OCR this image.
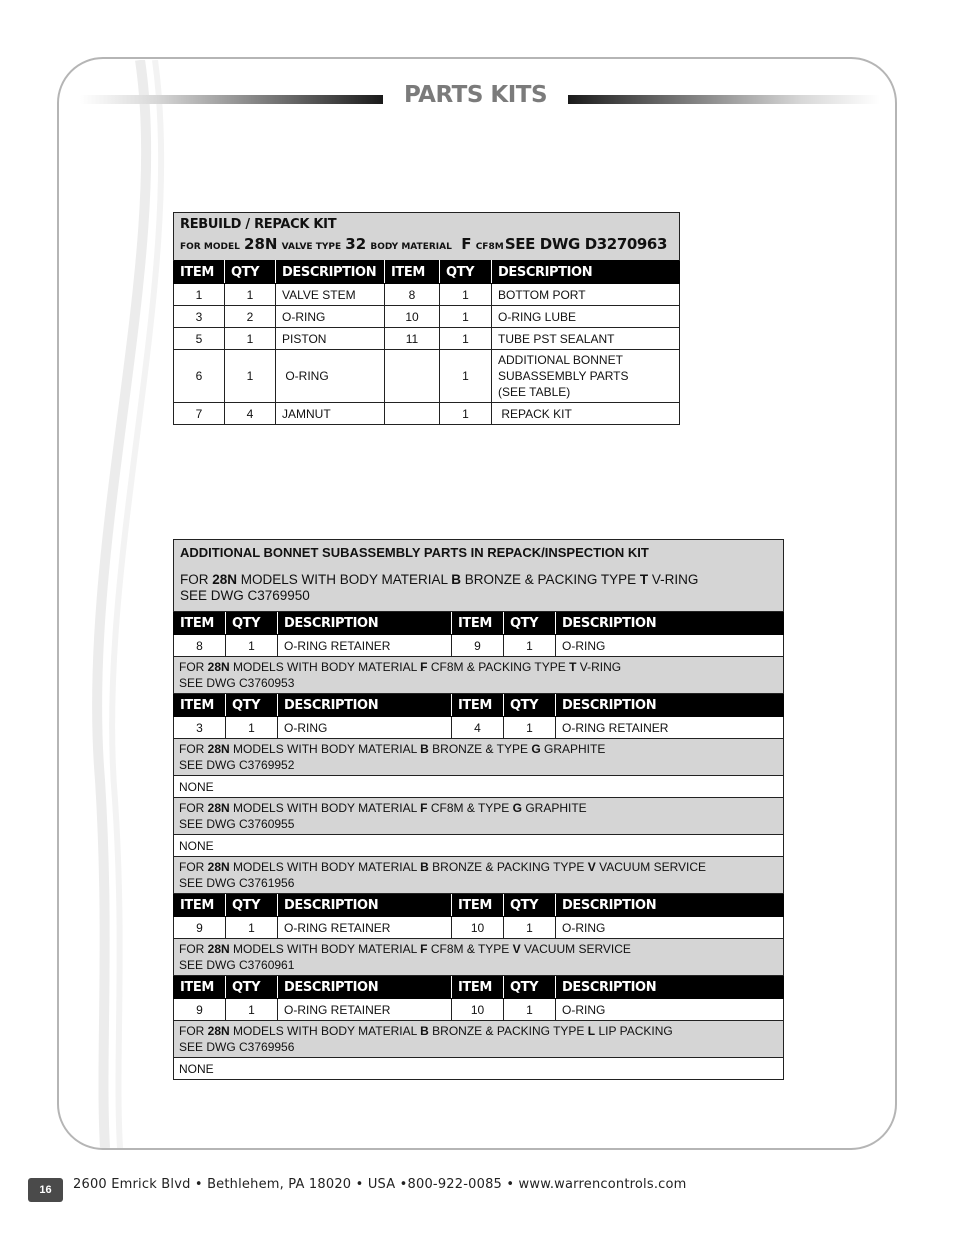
PARTS KITS
REBUILD / REPACK KIT
FOR MODEL 28N VALVE TYPE 32 BODY MATERIAL F CF8M SEE DWG D3270963					

ITEM	QTY	DESCRIPTION	ITEM	QTY	DESCRIPTION
1	1	VALVE STEM	8	1	BOTTOM PORT
3	2	O-RING	10	1	O-RING LUBE
5	1	PISTON	11	1	TUBE PST SEALANT
6	1	O-RING		1	ADDITIONAL BONNET SUBASSEMBLY PARTS (SEE TABLE)
7	4	JAMNUT		1	REPACK KIT
ADDITIONAL BONNET SUBASSEMBLY PARTS IN REPACK/INSPECTION KIT
FOR 28N MODELS WITH BODY MATERIAL B BRONZE & PACKING TYPE T V-RING
SEE DWG C3769950					

ITEM	QTY	DESCRIPTION	ITEM	QTY	DESCRIPTION
8	1	O-RING RETAINER	9	1	O-RING
FOR 28N MODELS WITH BODY MATERIAL F CF8M & PACKING TYPE T V-RING
SEE DWG C3760953					
ITEM	QTY	DESCRIPTION	ITEM	QTY	DESCRIPTION
3	1	O-RING	4	1	O-RING RETAINER
FOR 28N MODELS WITH BODY MATERIAL B BRONZE & TYPE G GRAPHITE
SEE DWG C3769952					
NONE					
FOR 28N MODELS WITH BODY MATERIAL F CF8M & TYPE G GRAPHITE
SEE DWG C3760955					
NONE					
FOR 28N MODELS WITH BODY MATERIAL B BRONZE & PACKING TYPE V VACUUM SERVICE
SEE DWG C3761956					
ITEM	QTY	DESCRIPTION	ITEM	QTY	DESCRIPTION
9	1	O-RING RETAINER	10	1	O-RING
FOR 28N MODELS WITH BODY MATERIAL F CF8M & TYPE V VACUUM SERVICE
SEE DWG C3760961					
ITEM	QTY	DESCRIPTION	ITEM	QTY	DESCRIPTION
9	1	O-RING RETAINER	10	1	O-RING
FOR 28N MODELS WITH BODY MATERIAL B BRONZE & PACKING TYPE L LIP PACKING
SEE DWG C3769956					
NONE					
16	2600 Emrick Blvd • Bethlehem, PA 18020 • USA •800-922-0085 • www.warrencontrols.com
